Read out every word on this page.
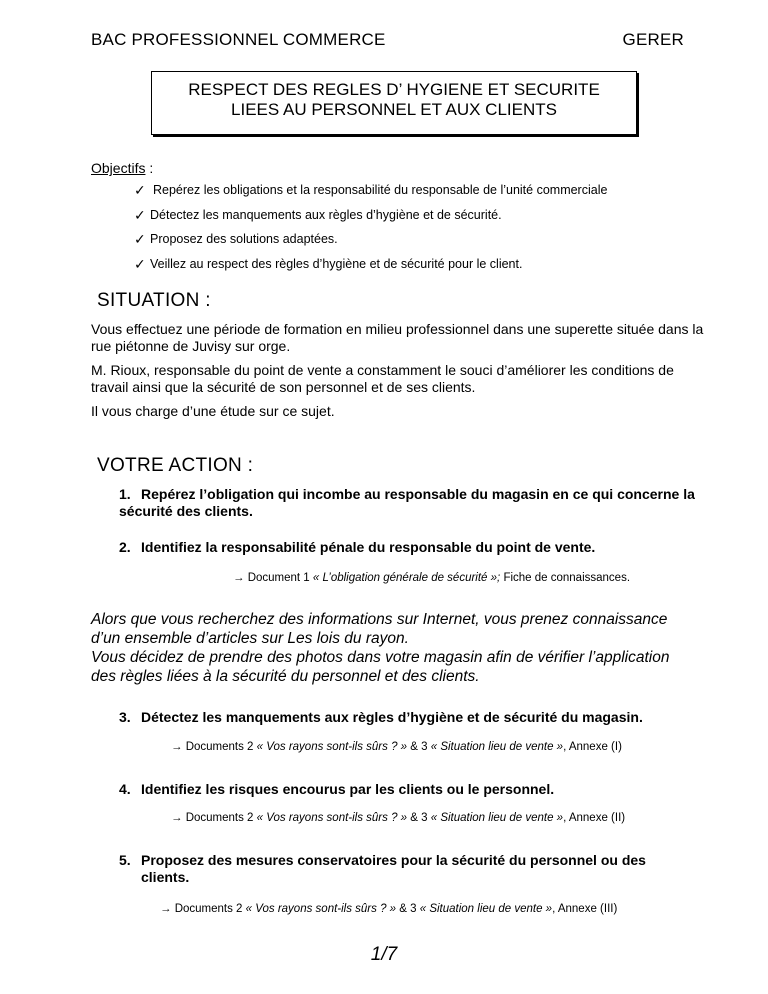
BAC PROFESSIONNEL COMMERCE	GERER
RESPECT DES REGLES D’ HYGIENE ET SECURITE
LIEES AU PERSONNEL ET AUX CLIENTS
Objectifs :
✓ Repérez les obligations et la responsabilité du responsable de l’unité commerciale
✓ Détectez les manquements aux règles d’hygiène et de sécurité.
✓ Proposez des solutions adaptées.
✓ Veillez au respect des règles d’hygiène et de sécurité pour le client.
SITUATION :
Vous effectuez une période de formation en milieu professionnel dans une superette située dans la rue piétonne de Juvisy sur orge.
M. Rioux, responsable du point de vente a constamment le souci d’améliorer les conditions de travail ainsi que la sécurité de son personnel et de ses clients.
Il vous charge d’une étude sur ce sujet.
VOTRE ACTION :
1. Repérez l’obligation qui incombe au responsable du magasin en ce qui concerne la sécurité des clients.
2. Identifiez la responsabilité pénale du responsable du point de vente.
→ Document 1 « L’obligation générale de sécurité »; Fiche de connaissances.
Alors que vous recherchez des informations sur Internet, vous prenez connaissance
d’un ensemble d’articles sur Les lois du rayon.
Vous décidez de prendre des photos dans votre magasin afin de vérifier l’application
des règles liées à la sécurité du personnel et des clients.
3. Détectez les manquements aux règles d’hygiène et de sécurité du magasin.
→ Documents 2 « Vos rayons sont-ils sûrs ? » & 3 « Situation lieu de vente », Annexe (I)
4. Identifiez les risques encourus par les clients ou le personnel.
→ Documents 2 « Vos rayons sont-ils sûrs ? » & 3 « Situation lieu de vente », Annexe (II)
5. Proposez des mesures conservatoires pour la sécurité du personnel ou des
clients.
→ Documents 2 « Vos rayons sont-ils sûrs ? » & 3 « Situation lieu de vente », Annexe (III)
1/7
